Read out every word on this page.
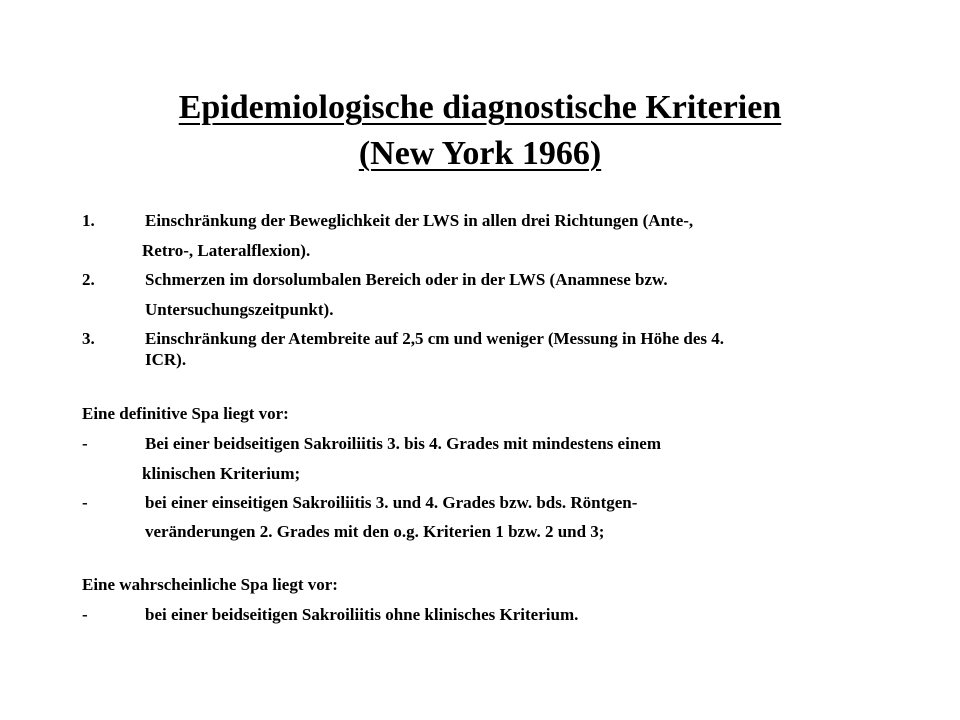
Epidemiologische diagnostische Kriterien
(New York 1966)
1.	Einschränkung der Beweglichkeit der LWS in allen drei Richtungen (Ante-,
Retro-, Lateralflexion).
2.	Schmerzen im dorsolumbalen Bereich oder in der LWS (Anamnese bzw.
Untersuchungszeitpunkt).
3.	Einschränkung der Atembreite auf 2,5 cm und weniger (Messung in Höhe des 4.
ICR).
Eine definitive Spa liegt vor:
-	Bei einer beidseitigen Sakroiliitis 3. bis 4. Grades mit mindestens einem
klinischen Kriterium;
-	bei einer einseitigen Sakroiliitis 3. und 4. Grades bzw. bds. Röntgen-
veränderungen 2. Grades mit den o.g. Kriterien 1 bzw. 2 und 3;
Eine wahrscheinliche Spa liegt vor:
-	bei einer beidseitigen Sakroiliitis ohne klinisches Kriterium.
